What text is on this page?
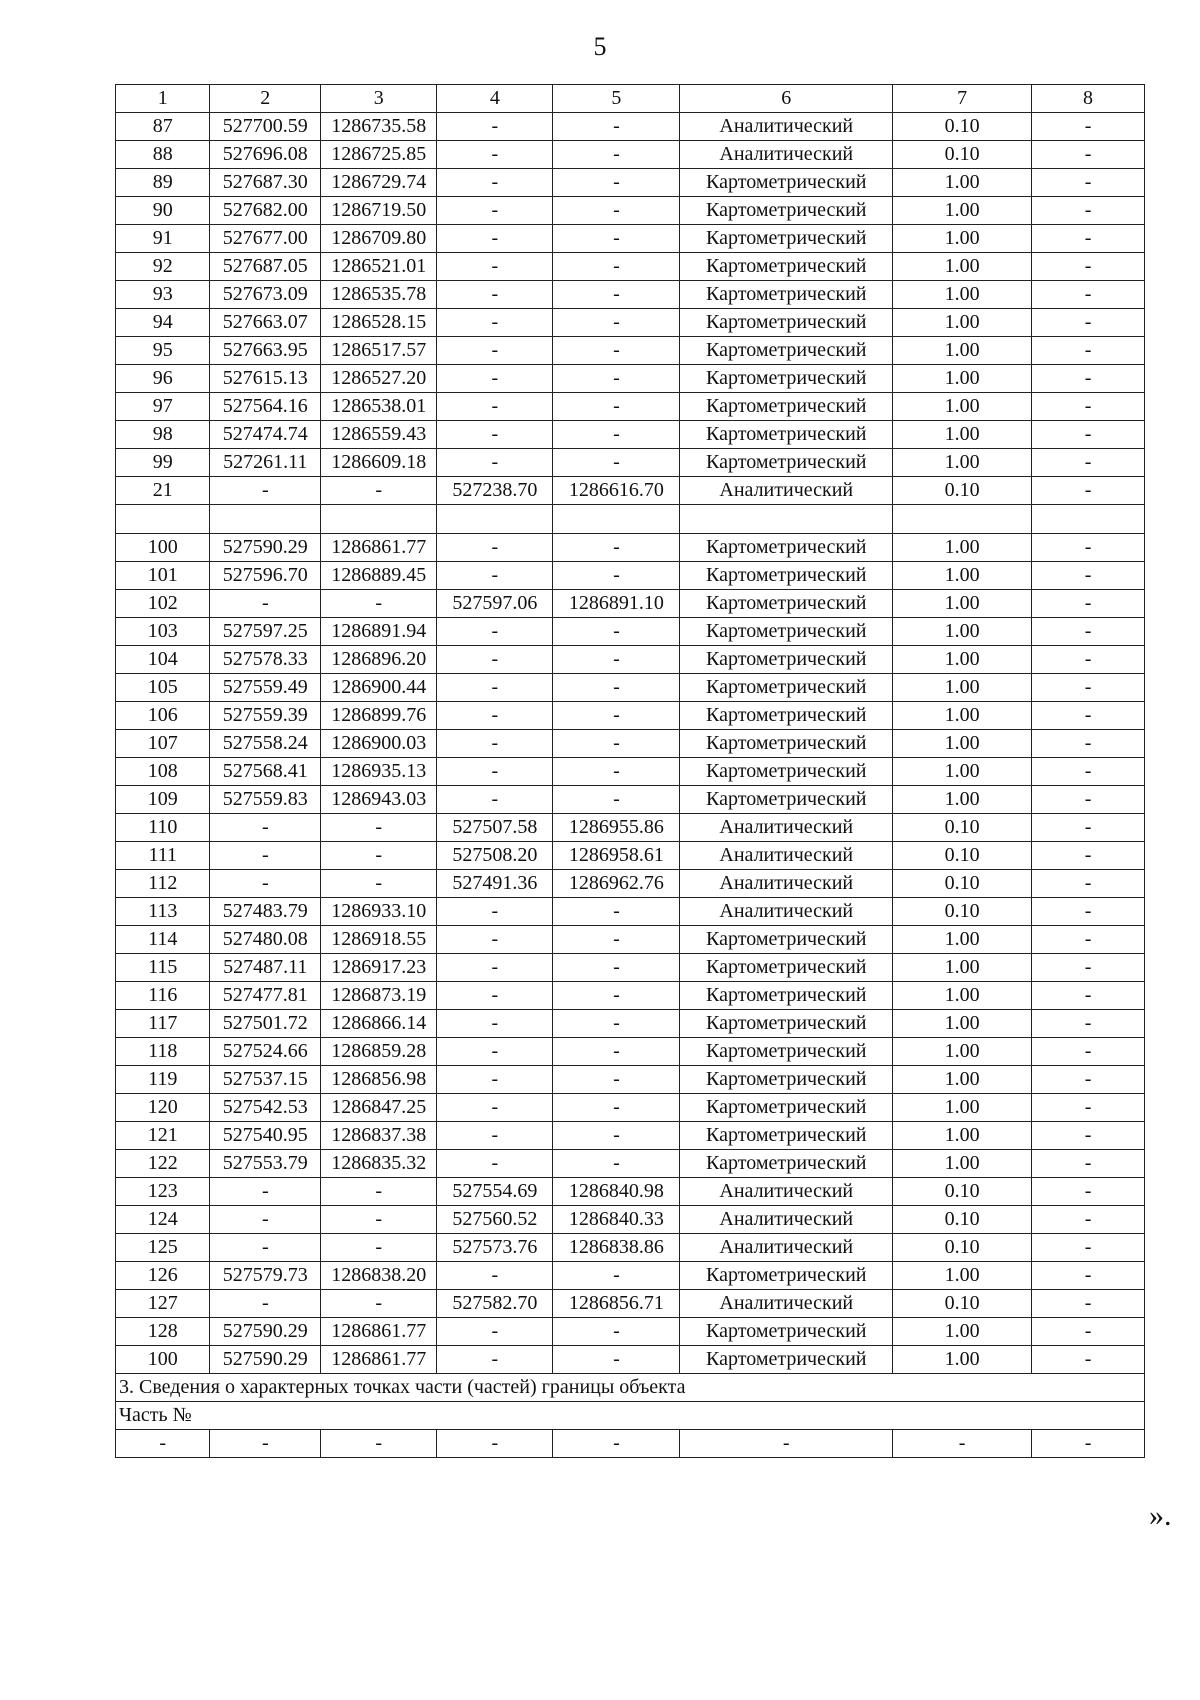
5
1	2	3	4	5	6	7	8
87	527700.59	1286735.58	-	-	Аналитический	0.10	-
88	527696.08	1286725.85	-	-	Аналитический	0.10	-
89	527687.30	1286729.74	-	-	Картометрический	1.00	-
90	527682.00	1286719.50	-	-	Картометрический	1.00	-
91	527677.00	1286709.80	-	-	Картометрический	1.00	-
92	527687.05	1286521.01	-	-	Картометрический	1.00	-
93	527673.09	1286535.78	-	-	Картометрический	1.00	-
94	527663.07	1286528.15	-	-	Картометрический	1.00	-
95	527663.95	1286517.57	-	-	Картометрический	1.00	-
96	527615.13	1286527.20	-	-	Картометрический	1.00	-
97	527564.16	1286538.01	-	-	Картометрический	1.00	-
98	527474.74	1286559.43	-	-	Картометрический	1.00	-
99	527261.11	1286609.18	-	-	Картометрический	1.00	-
21	-	-	527238.70	1286616.70	Аналитический	0.10	-

100	527590.29	1286861.77	-	-	Картометрический	1.00	-
101	527596.70	1286889.45	-	-	Картометрический	1.00	-
102	-	-	527597.06	1286891.10	Картометрический	1.00	-
103	527597.25	1286891.94	-	-	Картометрический	1.00	-
104	527578.33	1286896.20	-	-	Картометрический	1.00	-
105	527559.49	1286900.44	-	-	Картометрический	1.00	-
106	527559.39	1286899.76	-	-	Картометрический	1.00	-
107	527558.24	1286900.03	-	-	Картометрический	1.00	-
108	527568.41	1286935.13	-	-	Картометрический	1.00	-
109	527559.83	1286943.03	-	-	Картометрический	1.00	-
110	-	-	527507.58	1286955.86	Аналитический	0.10	-
111	-	-	527508.20	1286958.61	Аналитический	0.10	-
112	-	-	527491.36	1286962.76	Аналитический	0.10	-
113	527483.79	1286933.10	-	-	Аналитический	0.10	-
114	527480.08	1286918.55	-	-	Картометрический	1.00	-
115	527487.11	1286917.23	-	-	Картометрический	1.00	-
116	527477.81	1286873.19	-	-	Картометрический	1.00	-
117	527501.72	1286866.14	-	-	Картометрический	1.00	-
118	527524.66	1286859.28	-	-	Картометрический	1.00	-
119	527537.15	1286856.98	-	-	Картометрический	1.00	-
120	527542.53	1286847.25	-	-	Картометрический	1.00	-
121	527540.95	1286837.38	-	-	Картометрический	1.00	-
122	527553.79	1286835.32	-	-	Картометрический	1.00	-
123	-	-	527554.69	1286840.98	Аналитический	0.10	-
124	-	-	527560.52	1286840.33	Аналитический	0.10	-
125	-	-	527573.76	1286838.86	Аналитический	0.10	-
126	527579.73	1286838.20	-	-	Картометрический	1.00	-
127	-	-	527582.70	1286856.71	Аналитический	0.10	-
128	527590.29	1286861.77	-	-	Картометрический	1.00	-
100	527590.29	1286861.77	-	-	Картометрический	1.00	-
3. Сведения о характерных точках части (частей) границы объекта							
Часть №							
-	-	-	-	-	-	-	-
».
